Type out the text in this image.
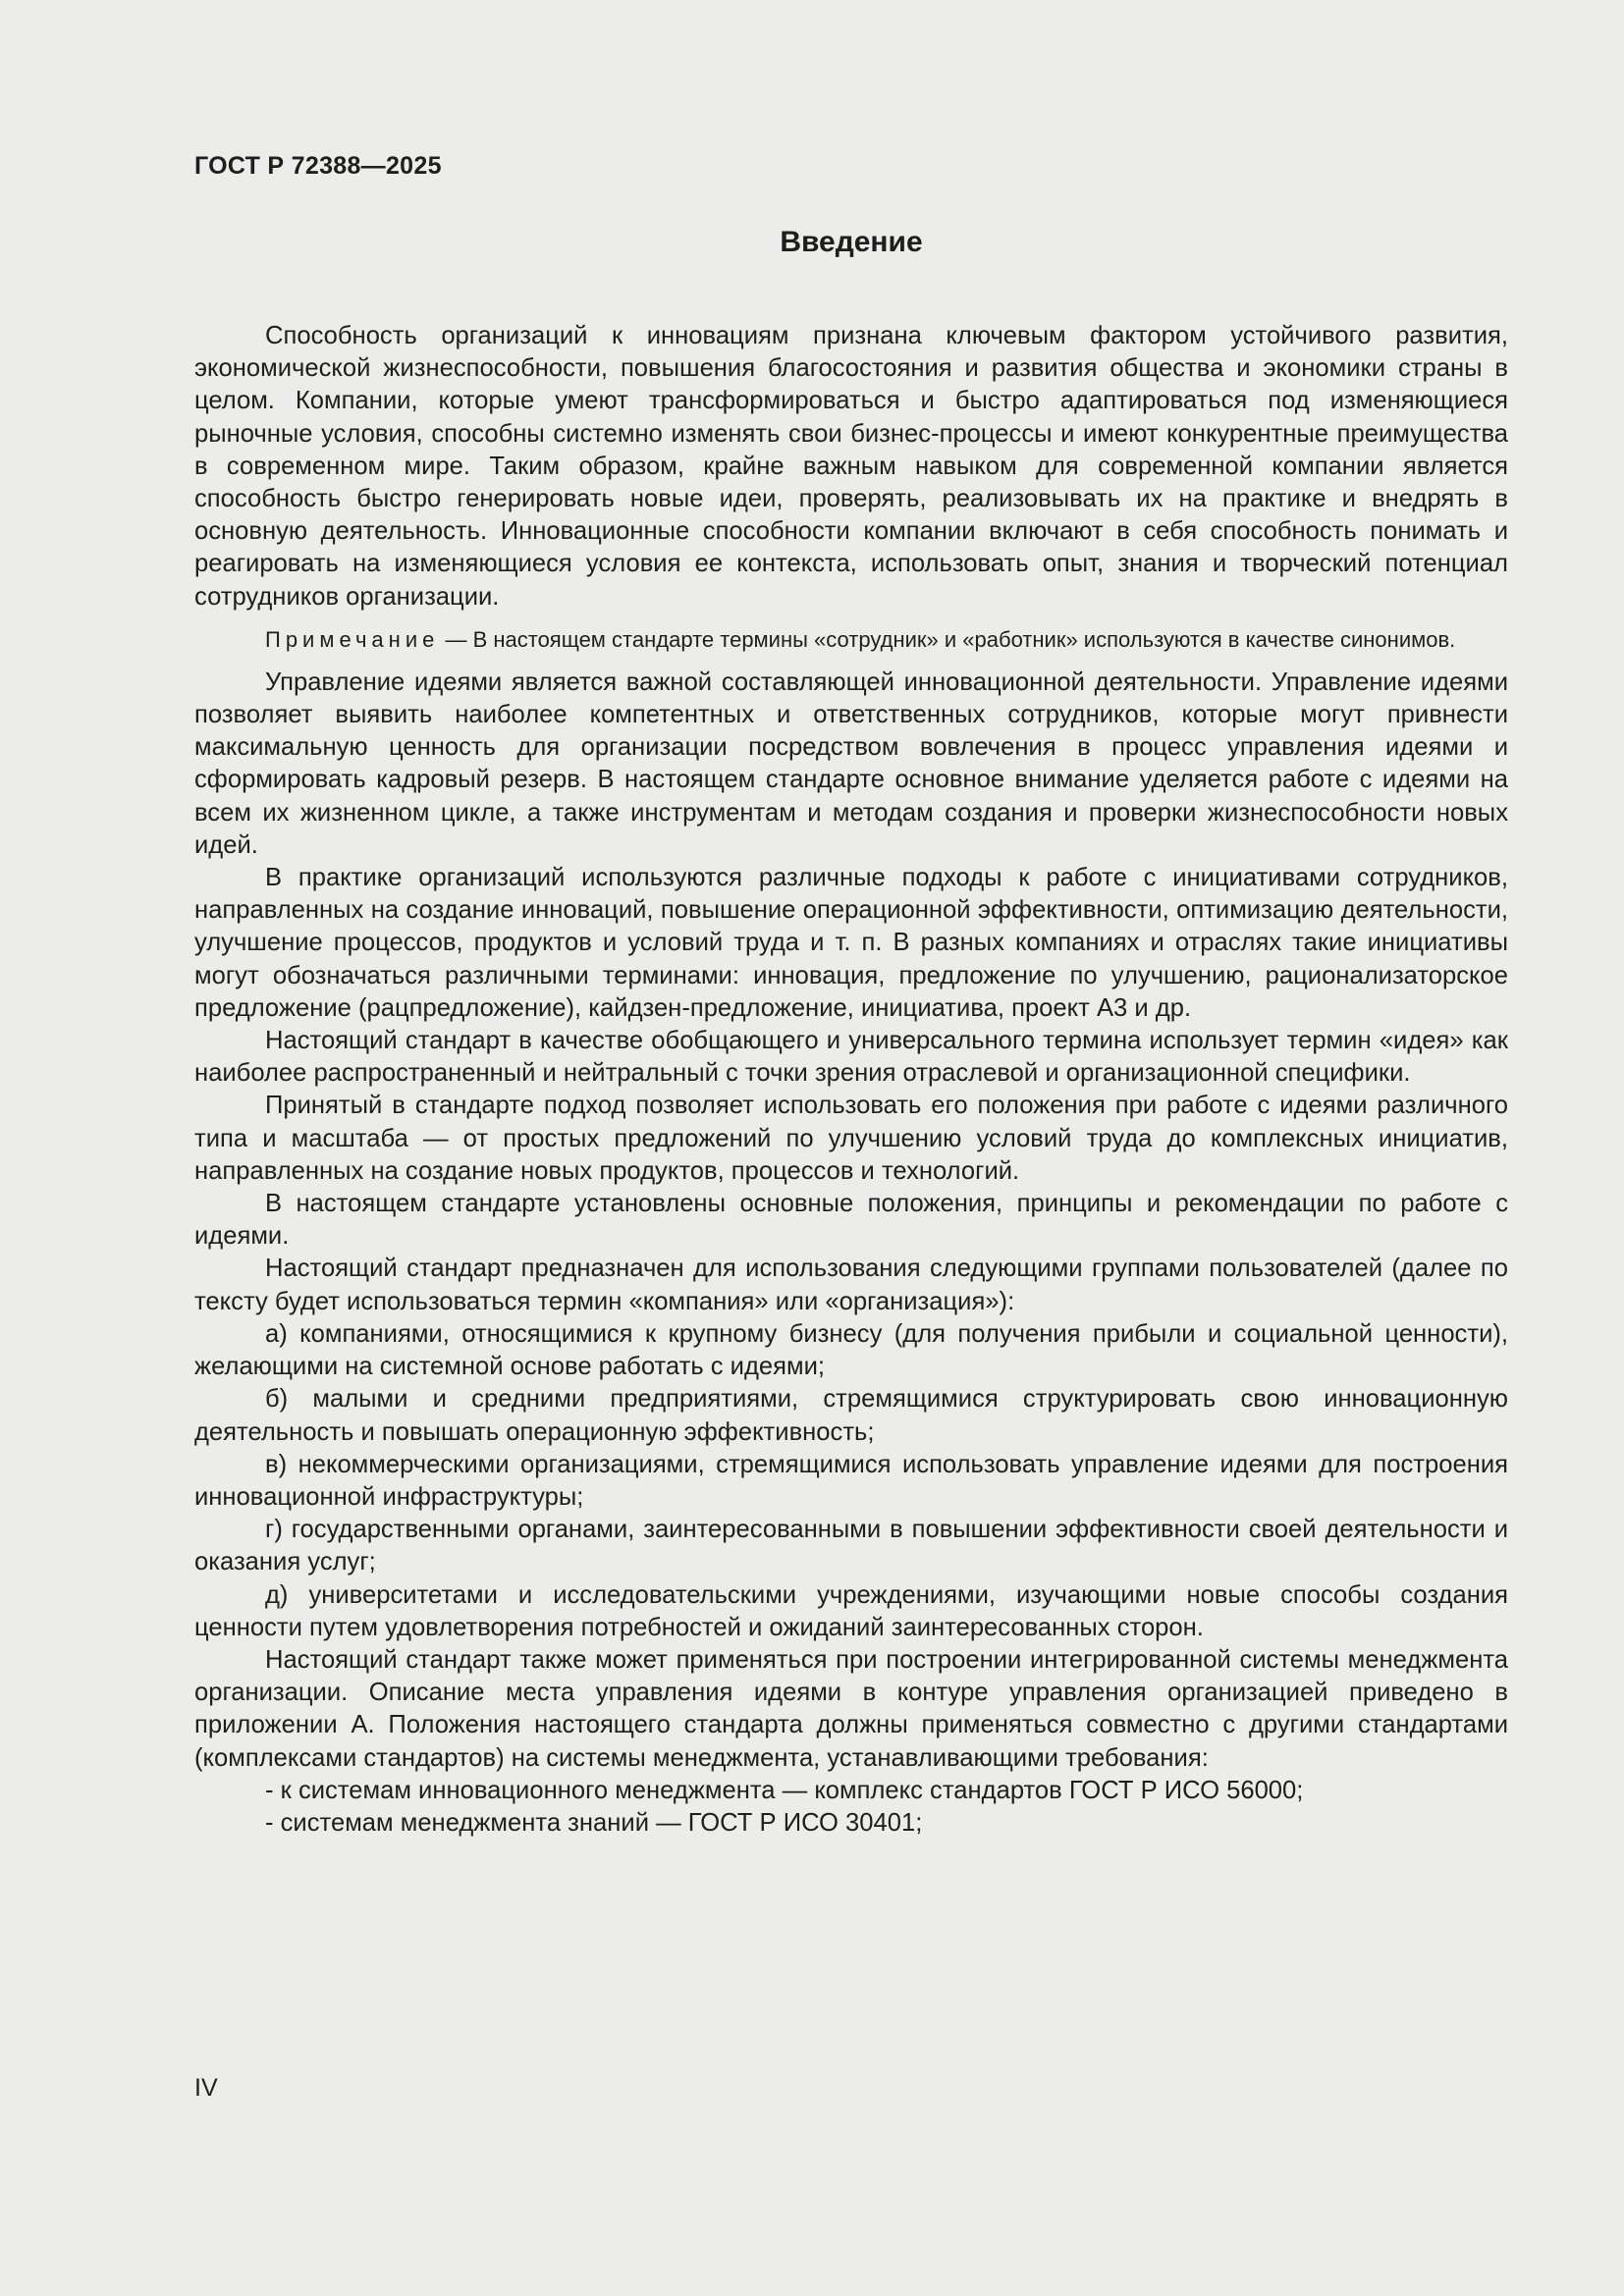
ГОСТ Р 72388—2025
Введение

Способность организаций к инновациям признана ключевым фактором устойчивого развития, экономической жизнеспособности, повышения благосостояния и развития общества и экономики страны в целом. Компании, которые умеют трансформироваться и быстро адаптироваться под изменяющиеся рыночные условия, способны системно изменять свои бизнес-процессы и имеют конкурентные преимущества в современном мире. Таким образом, крайне важным навыком для современной компании является способность быстро генерировать новые идеи, проверять, реализовывать их на практике и внедрять в основную деятельность. Инновационные способности компании включают в себя способность понимать и реагировать на изменяющиеся условия ее контекста, использовать опыт, знания и творческий потенциал сотрудников организации.

Примечание — В настоящем стандарте термины «сотрудник» и «работник» используются в качестве синонимов.

Управление идеями является важной составляющей инновационной деятельности. Управление идеями позволяет выявить наиболее компетентных и ответственных сотрудников, которые могут привнести максимальную ценность для организации посредством вовлечения в процесс управления идеями и сформировать кадровый резерв. В настоящем стандарте основное внимание уделяется работе с идеями на всем их жизненном цикле, а также инструментам и методам создания и проверки жизнеспособности новых идей.

В практике организаций используются различные подходы к работе с инициативами сотрудников, направленных на создание инноваций, повышение операционной эффективности, оптимизацию деятельности, улучшение процессов, продуктов и условий труда и т. п. В разных компаниях и отраслях такие инициативы могут обозначаться различными терминами: инновация, предложение по улучшению, рационализаторское предложение (рацпредложение), кайдзен-предложение, инициатива, проект А3 и др.

Настоящий стандарт в качестве обобщающего и универсального термина использует термин «идея» как наиболее распространенный и нейтральный с точки зрения отраслевой и организационной специфики.

Принятый в стандарте подход позволяет использовать его положения при работе с идеями различного типа и масштаба — от простых предложений по улучшению условий труда до комплексных инициатив, направленных на создание новых продуктов, процессов и технологий.

В настоящем стандарте установлены основные положения, принципы и рекомендации по работе с идеями.

Настоящий стандарт предназначен для использования следующими группами пользователей (далее по тексту будет использоваться термин «компания» или «организация»):

а) компаниями, относящимися к крупному бизнесу (для получения прибыли и социальной ценности), желающими на системной основе работать с идеями;

б) малыми и средними предприятиями, стремящимися структурировать свою инновационную деятельность и повышать операционную эффективность;

в) некоммерческими организациями, стремящимися использовать управление идеями для построения инновационной инфраструктуры;

г) государственными органами, заинтересованными в повышении эффективности своей деятельности и оказания услуг;

д) университетами и исследовательскими учреждениями, изучающими новые способы создания ценности путем удовлетворения потребностей и ожиданий заинтересованных сторон.

Настоящий стандарт также может применяться при построении интегрированной системы менеджмента организации. Описание места управления идеями в контуре управления организацией приведено в приложении А. Положения настоящего стандарта должны применяться совместно с другими стандартами (комплексами стандартов) на системы менеджмента, устанавливающими требования:

- к системам инновационного менеджмента — комплекс стандартов ГОСТ Р ИСО 56000;

- системам менеджмента знаний — ГОСТ Р ИСО 30401;

IV
